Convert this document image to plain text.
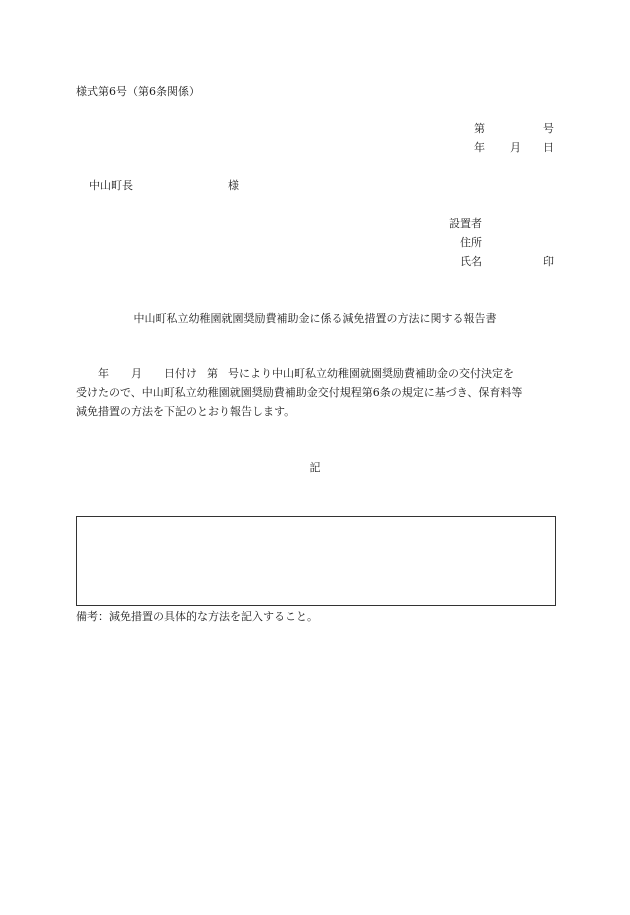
様式第6号（第6条関係）
第	号
年 月 日
中山町長	様
設置者
住所
氏名	印
中山町私立幼稚園就園奨励費補助金に係る減免措置の方法に関する報告書
年 月 日付け 第 号により中山町私立幼稚園就園奨励費補助金の交付決定を
受けたので、中山町私立幼稚園就園奨励費補助金交付規程第6条の規定に基づき、保育料等
減免措置の方法を下記のとおり報告します。
記
備考：減免措置の具体的な方法を記入すること。
